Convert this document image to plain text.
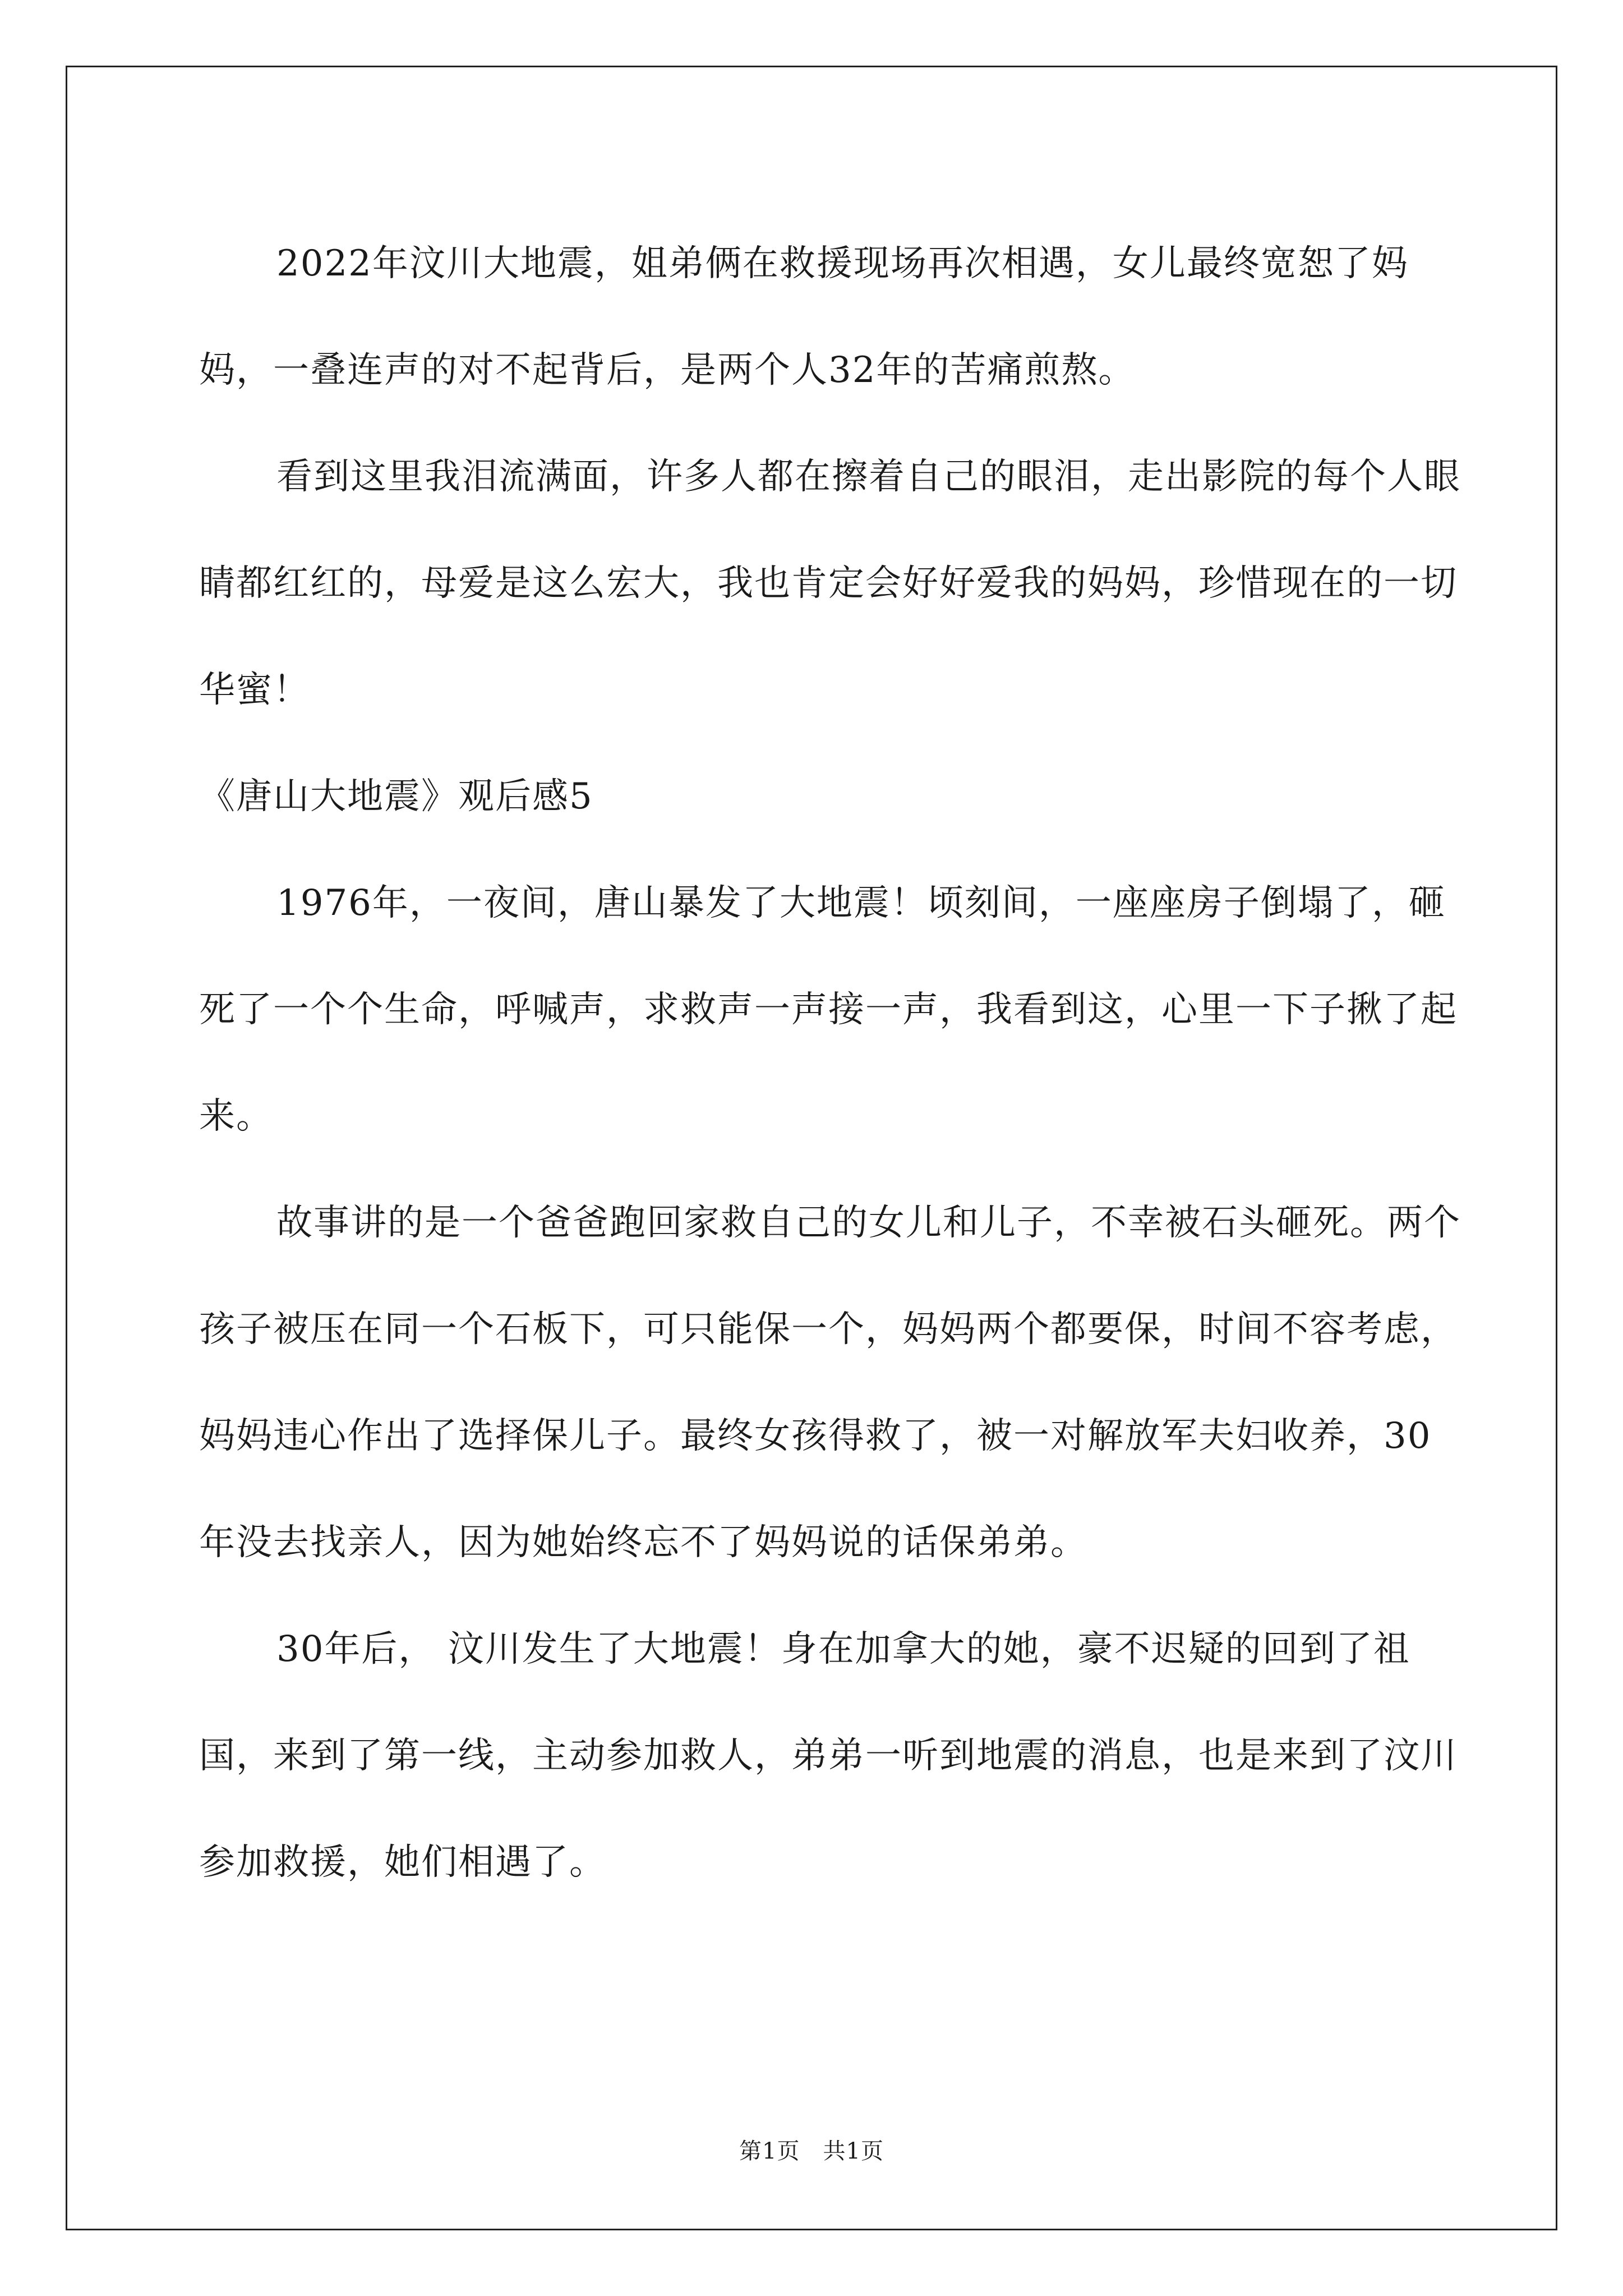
2022年汶川大地震，姐弟俩在救援现场再次相遇，女儿最终宽恕了妈妈，一叠连声的对不起背后，是两个人32年的苦痛煎熬。

看到这里我泪流满面，许多人都在擦着自己的眼泪，走出影院的每个人眼睛都红红的，母爱是这么宏大，我也肯定会好好爱我的妈妈，珍惜现在的一切华蜜！

《唐山大地震》观后感5

1976年，一夜间，唐山暴发了大地震！顷刻间，一座座房子倒塌了，砸死了一个个生命，呼喊声，求救声一声接一声，我看到这，心里一下子揪了起来。

故事讲的是一个爸爸跑回家救自己的女儿和儿子，不幸被石头砸死。两个孩子被压在同一个石板下，可只能保一个，妈妈两个都要保，时间不容考虑，妈妈违心作出了选择保儿子。最终女孩得救了，被一对解放军夫妇收养，30年没去找亲人，因为她始终忘不了妈妈说的话保弟弟。

30年后， 汶川发生了大地震！身在加拿大的她，豪不迟疑的回到了祖国，来到了第一线，主动参加救人，弟弟一听到地震的消息，也是来到了汶川参加救援，她们相遇了。

第1页　共1页
